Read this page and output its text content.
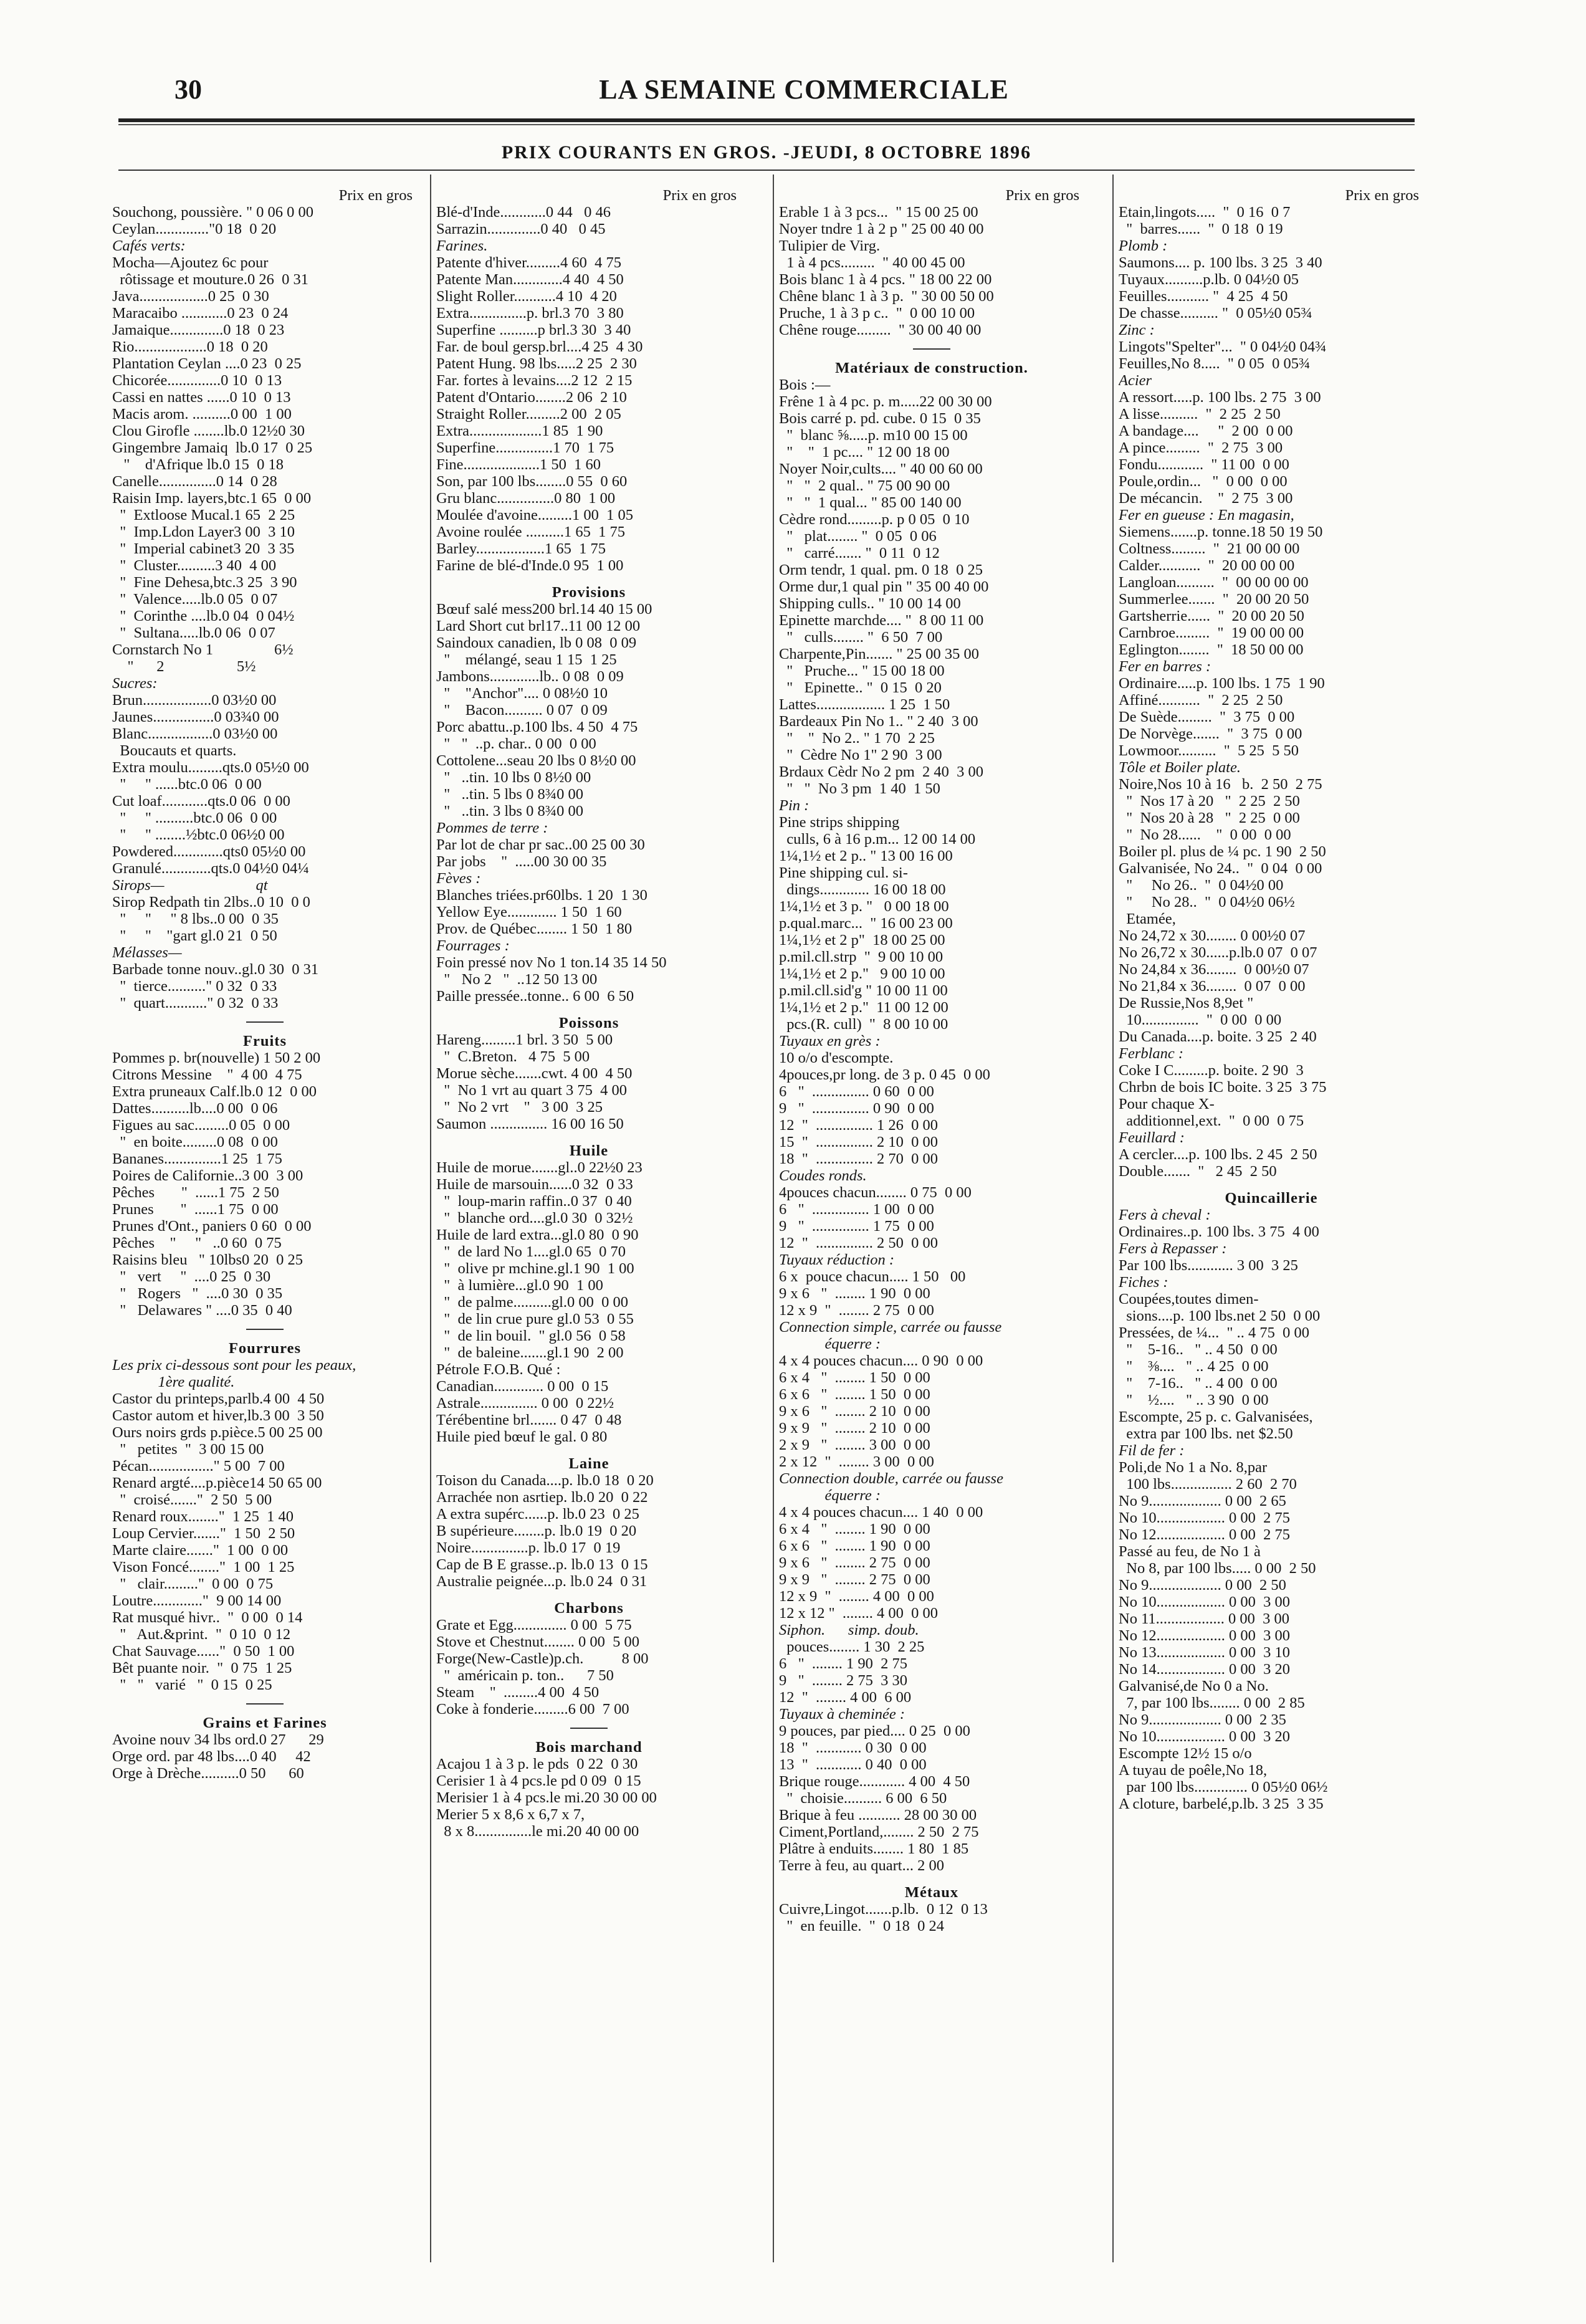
30	LA SEMAINE COMMERCIALE
PRIX COURANTS EN GROS. -JEUDI, 8 OCTOBRE 1896
Prix en gros
Souchong, poussière. " 0 06 0 00
Ceylan.............."0 18  0 20
Cafés verts:
Mocha—Ajoutez 6c pour
rôtissage et mouture.0 26  0 31
Java..................0 25  0 30
Maracaibo ............0 23  0 24
Jamaique..............0 18  0 23
Rio...................0 18  0 20
Plantation Ceylan ....0 23  0 25
Chicorée..............0 10  0 13
Cassi en nattes ......0 10  0 13
Macis arom. ..........0 00  1 00
Clou Girofle ........lb.0 12½0 30
Gingembre Jamaiq  lb.0 17  0 25
"    d'Afrique lb.0 15  0 18
Canelle...............0 14  0 28
Raisin Imp. layers,btc.1 65  0 00
"  Extloose Mucal.1 65  2 25
"  Imp.Ldon Layer3 00  3 10
"  Imperial cabinet3 20  3 35
"  Cluster..........3 40  4 00
"  Fine Dehesa,btc.3 25  3 90
"  Valence.....lb.0 05  0 07
"  Corinthe ....lb.0 04  0 04½
"  Sultana.....lb.0 06  0 07
Cornstarch No 1                6½
"      2                   5½
Sucres:
Brun..................0 03½0 00
Jaunes................0 03¾0 00
Blanc.................0 03½0 00
Boucauts et quarts.
Extra moulu.........qts.0 05½0 00
"     " ......btc.0 06  0 00
Cut loaf............qts.0 06  0 00
"     " ..........btc.0 06  0 00
"     " ........½btc.0 06½0 00
Powdered.............qts0 05½0 00
Granulé.............qts.0 04½0 04¼
Sirops—                        qt
Sirop Redpath tin 2lbs..0 10  0 0
"     "     " 8 lbs..0 00  0 35
"     "    "gart gl.0 21  0 50
Mélasses—
Barbade tonne nouv..gl.0 30  0 31
"  tierce.........." 0 32  0 33
"  quart..........." 0 32  0 33
Fruits
Pommes p. br(nouvelle) 1 50 2 00
Citrons Messine    "  4 00  4 75
Extra pruneaux Calf.lb.0 12  0 00
Dattes..........lb....0 00  0 06
Figues au sac.........0 05  0 00
"  en boite.........0 08  0 00
Bananes...............1 25  1 75
Poires de Californie..3 00  3 00
Pêches       "  ......1 75  2 50
Prunes       "  ......1 75  0 00
Prunes d'Ont., paniers 0 60  0 00
Pêches    "     "   ..0 60  0 75
Raisins bleu   " 10lbs0 20  0 25
"   vert     "  ....0 25  0 30
"   Rogers   "  ....0 30  0 35
"   Delawares " ....0 35  0 40
Fourrures
Les prix ci-dessous sont pour les peaux,
1ère qualité.
Castor du printeps,parlb.4 00  4 50
Castor autom et hiver,lb.3 00  3 50
Ours noirs grds p.pièce.5 00 25 00
"   petites  "  3 00 15 00
Pécan................." 5 00  7 00
Renard argté....p.pièce14 50 65 00
"  croisé......."  2 50  5 00
Renard roux........"  1 25  1 40
Loup Cervier......."  1 50  2 50
Marte claire......."  1 00  0 00
Vison Foncé........"  1 00  1 25
"   clair........."  0 00  0 75
Loutre............."  9 00 14 00
Rat musqué hivr..  "  0 00  0 14
"   Aut.&print.  "  0 10  0 12
Chat Sauvage......"  0 50  1 00
Bêt puante noir.  "  0 75  1 25
"   "   varié   "  0 15  0 25
Grains et Farines
Avoine nouv 34 lbs ord.0 27      29
Orge ord. par 48 lbs....0 40     42
Orge à Drèche..........0 50      60
Prix en gros
Blé-d'Inde............0 44   0 46
Sarrazin..............0 40   0 45
Farines.
Patente d'hiver.........4 60  4 75
Patente Man.............4 40  4 50
Slight Roller...........4 10  4 20
Extra...............p. brl.3 70  3 80
Superfine ..........p brl.3 30  3 40
Far. de boul gersp.brl....4 25  4 30
Patent Hung. 98 lbs.....2 25  2 30
Far. fortes à levains....2 12  2 15
Patent d'Ontario........2 06  2 10
Straight Roller.........2 00  2 05
Extra...................1 85  1 90
Superfine...............1 70  1 75
Fine....................1 50  1 60
Son, par 100 lbs........0 55  0 60
Gru blanc...............0 80  1 00
Moulée d'avoine.........1 00  1 05
Avoine roulée ..........1 65  1 75
Barley..................1 65  1 75
Farine de blé-d'Inde.0 95  1 00
Provisions
Bœuf salé mess200 brl.14 40 15 00
Lard Short cut brl17..11 00 12 00
Saindoux canadien, lb 0 08  0 09
"    mélangé, seau 1 15  1 25
Jambons.............lb.. 0 08  0 09
"    "Anchor".... 0 08½0 10
"    Bacon.......... 0 07  0 09
Porc abattu..p.100 lbs. 4 50  4 75
"   "  ..p. char.. 0 00  0 00
Cottolene...seau 20 lbs 0 8½0 00
"   ..tin. 10 lbs 0 8½0 00
"   ..tin. 5 lbs 0 8¾0 00
"   ..tin. 3 lbs 0 8¾0 00
Pommes de terre :
Par lot de char pr sac..00 25 00 30
Par jobs    "  .....00 30 00 35
Fèves :
Blanches triées.pr60lbs. 1 20  1 30
Yellow Eye............. 1 50  1 60
Prov. de Québec........ 1 50  1 80
Fourrages :
Foin pressé nov No 1 ton.14 35 14 50
"   No 2   "  ..12 50 13 00
Paille pressée..tonne.. 6 00  6 50
Poissons
Hareng.........1 brl. 3 50  5 00
"  C.Breton.   4 75  5 00
Morue sèche.......cwt. 4 00  4 50
"  No 1 vrt au quart 3 75  4 00
"  No 2 vrt    "   3 00  3 25
Saumon ............... 16 00 16 50
Huile
Huile de morue.......gl..0 22½0 23
Huile de marsouin......0 32  0 33
"  loup-marin raffin..0 37  0 40
"  blanche ord....gl.0 30  0 32½
Huile de lard extra...gl.0 80  0 90
"  de lard No 1....gl.0 65  0 70
"  olive pr mchine.gl.1 90  1 00
"  à lumière...gl.0 90  1 00
"  de palme..........gl.0 00  0 00
"  de lin crue pure gl.0 53  0 55
"  de lin bouil.  " gl.0 56  0 58
"  de baleine.......gl.1 90  2 00
Pétrole F.O.B. Qué :
Canadian............. 0 00  0 15
Astrale............... 0 00  0 22½
Térébentine brl....... 0 47  0 48
Huile pied bœuf le gal. 0 80
Laine
Toison du Canada....p. lb.0 18  0 20
Arrachée non asrtiep. lb.0 20  0 22
A extra supérc......p. lb.0 23  0 25
B supérieure........p. lb.0 19  0 20
Noire...............p. lb.0 17  0 19
Cap de B E grasse..p. lb.0 13  0 15
Australie peignée...p. lb.0 24  0 31
Charbons
Grate et Egg.............. 0 00  5 75
Stove et Chestnut........ 0 00  5 00
Forge(New-Castle)p.ch.          8 00
"  américain p. ton..      7 50
Steam    "  .........4 00  4 50
Coke à fonderie.........6 00  7 00
Bois marchand
Acajou 1 à 3 p. le pds  0 22  0 30
Cerisier 1 à 4 pcs.le pd 0 09  0 15
Merisier 1 à 4 pcs.le mi.20 30 00 00
Merier 5 x 8,6 x 6,7 x 7,
8 x 8...............le mi.20 40 00 00
Prix en gros
Erable 1 à 3 pcs...  " 15 00 25 00
Noyer tndre 1 à 2 p " 25 00 40 00
Tulipier de Virg.
1 à 4 pcs.........  " 40 00 45 00
Bois blanc 1 à 4 pcs. " 18 00 22 00
Chêne blanc 1 à 3 p.  " 30 00 50 00
Pruche, 1 à 3 p c..  "  0 00 10 00
Chêne rouge.........  " 30 00 40 00
Matériaux de construction.
Bois :—
Frêne 1 à 4 pc. p. m.....22 00 30 00
Bois carré p. pd. cube. 0 15  0 35
"  blanc ⅝.....p. m10 00 15 00
"    "  1 pc.... " 12 00 18 00
Noyer Noir,cults.... " 40 00 60 00
"   "  2 qual.. " 75 00 90 00
"   "  1 qual... " 85 00 140 00
Cèdre rond.........p. p 0 05  0 10
"   plat........ "  0 05  0 06
"   carré....... "  0 11  0 12
Orm tendr, 1 qual. pm. 0 18  0 25
Orme dur,1 qual pin " 35 00 40 00
Shipping culls.. " 10 00 14 00
Epinette marchde.... "  8 00 11 00
"   culls........ "  6 50  7 00
Charpente,Pin....... " 25 00 35 00
"   Pruche... " 15 00 18 00
"   Epinette.. "  0 15  0 20
Lattes.................. 1 25  1 50
Bardeaux Pin No 1.. " 2 40  3 00
"    "  No 2.. " 1 70  2 25
"  Cèdre No 1" 2 90  3 00
Brdaux Cèdr No 2 pm  2 40  3 00
"   "  No 3 pm  1 40  1 50
Pin :
Pine strips shipping
culls, 6 à 16 p.m... 12 00 14 00
1¼,1½ et 2 p.. " 13 00 16 00
Pine shipping cul. si-
dings............. 16 00 18 00
1¼,1½ et 3 p. "   0 00 18 00
p.qual.marc...  " 16 00 23 00
1¼,1½ et 2 p"  18 00 25 00
p.mil.cll.strp  "  9 00 10 00
1¼,1½ et 2 p."   9 00 10 00
p.mil.cll.sid'g " 10 00 11 00
1¼,1½ et 2 p."  11 00 12 00
pcs.(R. cull)  "  8 00 10 00
Tuyaux en grès :
10 o/o d'escompte.
4pouces,pr long. de 3 p. 0 45  0 00
6   "  ............... 0 60  0 00
9   "  ............... 0 90  0 00
12  "  ............... 1 26  0 00
15  "  ............... 2 10  0 00
18  "  ............... 2 70  0 00
Coudes ronds.
4pouces chacun........ 0 75  0 00
6   "  ............... 1 00  0 00
9   "  ............... 1 75  0 00
12  "  ............... 2 50  0 00
Tuyaux réduction :
6 x  pouce chacun..... 1 50   00
9 x 6   "  ........ 1 90  0 00
12 x 9  "  ........ 2 75  0 00
Connection simple, carrée ou fausse
équerre :
4 x 4 pouces chacun.... 0 90  0 00
6 x 4   "  ........ 1 50  0 00
6 x 6   "  ........ 1 50  0 00
9 x 6   "  ........ 2 10  0 00
9 x 9   "  ........ 2 10  0 00
2 x 9   "  ........ 3 00  0 00
2 x 12  "  ........ 3 00  0 00
Connection double, carrée ou fausse
équerre :
4 x 4 pouces chacun.... 1 40  0 00
6 x 4   "  ........ 1 90  0 00
6 x 6   "  ........ 1 90  0 00
9 x 6   "  ........ 2 75  0 00
9 x 9   "  ........ 2 75  0 00
12 x 9  "  ........ 4 00  0 00
12 x 12 "  ........ 4 00  0 00
Siphon.      simp. doub.
pouces........ 1 30  2 25
6   "  ........ 1 90  2 75
9   "  ........ 2 75  3 30
12  "  ........ 4 00  6 00
Tuyaux à cheminée :
9 pouces, par pied.... 0 25  0 00
18  "  ............ 0 30  0 00
13  "  ............ 0 40  0 00
Brique rouge............ 4 00  4 50
"  choisie.......... 6 00  6 50
Brique à feu ........... 28 00 30 00
Ciment,Portland,........ 2 50  2 75
Plâtre à enduits........ 1 80  1 85
Terre à feu, au quart... 2 00
Métaux
Cuivre,Lingot.......p.lb.  0 12  0 13
"  en feuille.  "  0 18  0 24
Prix en gros
Etain,lingots.....  "  0 16  0 7
"  barres......  "  0 18  0 19
Plomb :
Saumons.... p. 100 lbs. 3 25  3 40
Tuyaux..........p.lb. 0 04½0 05
Feuilles........... "  4 25  4 50
De chasse.......... "  0 05½0 05¾
Zinc :
Lingots"Spelter"...  " 0 04½0 04¾
Feuilles,No 8.....  " 0 05  0 05¾
Acier
A ressort.....p. 100 lbs. 2 75  3 00
A lisse..........  "  2 25  2 50
A bandage....     "  2 00  0 00
A pince.........  "  2 75  3 00
Fondu............  " 11 00  0 00
Poule,ordin...   "  0 00  0 00
De mécancin.    "  2 75  3 00
Fer en gueuse : En magasin,
Siemens.......p. tonne.18 50 19 50
Coltness.........  "  21 00 00 00
Calder...........  "  20 00 00 00
Langloan..........  "  00 00 00 00
Summerlee.......  "  20 00 20 50
Gartsherrie......  "  20 00 20 50
Carnbroe.........  "  19 00 00 00
Eglington........  "  18 50 00 00
Fer en barres :
Ordinaire.....p. 100 lbs. 1 75  1 90
Affiné...........  "  2 25  2 50
De Suède.........  "  3 75  0 00
De Norvège.......  "  3 75  0 00
Lowmoor..........  "  5 25  5 50
Tôle et Boiler plate.
Noire,Nos 10 à 16   b.  2 50  2 75
"  Nos 17 à 20   "  2 25  2 50
"  Nos 20 à 28   "  2 25  0 00
"  No 28......    "  0 00  0 00
Boiler pl. plus de ¼ pc. 1 90  2 50
Galvanisée, No 24..  "  0 04  0 00
"     No 26..  "  0 04½0 00
"     No 28..  "  0 04½0 06½
Etamée,
No 24,72 x 30........ 0 00½0 07
No 26,72 x 30......p.lb.0 07  0 07
No 24,84 x 36........  0 00½0 07
No 21,84 x 36........  0 07  0 00
De Russie,Nos 8,9et "
10...............  "  0 00  0 00
Du Canada....p. boite. 3 25  2 40
Ferblanc :
Coke I C.........p. boite. 2 90  3
Chrbn de bois IC boite. 3 25  3 75
Pour chaque X-
additionnel,ext.  "  0 00  0 75
Feuillard :
A cercler....p. 100 lbs. 2 45  2 50
Double.......  "   2 45  2 50
Quincaillerie
Fers à cheval :
Ordinaires..p. 100 lbs. 3 75  4 00
Fers à Repasser :
Par 100 lbs............ 3 00  3 25
Fiches :
Coupées,toutes dimen-
sions....p. 100 lbs.net 2 50  0 00
Pressées, de ¼...  " .. 4 75  0 00
"    5-16..   " .. 4 50  0 00
"    ⅜....   " .. 4 25  0 00
"    7-16..   " .. 4 00  0 00
"    ½....   " .. 3 90  0 00
Escompte, 25 p. c. Galvanisées,
extra par 100 lbs. net $2.50
Fil de fer :
Poli,de No 1 a No. 8,par
100 lbs................ 2 60  2 70
No 9................... 0 00  2 65
No 10.................. 0 00  2 75
No 12.................. 0 00  2 75
Passé au feu, de No 1 à
No 8, par 100 lbs..... 0 00  2 50
No 9................... 0 00  2 50
No 10.................. 0 00  3 00
No 11.................. 0 00  3 00
No 12.................. 0 00  3 00
No 13.................. 0 00  3 10
No 14.................. 0 00  3 20
Galvanisé,de No 0 a No.
7, par 100 lbs........ 0 00  2 85
No 9................... 0 00  2 35
No 10.................. 0 00  3 20
Escompte 12½ 15 o/o
A tuyau de poêle,No 18,
par 100 lbs.............. 0 05½0 06½
A cloture, barbelé,p.lb. 3 25  3 35
